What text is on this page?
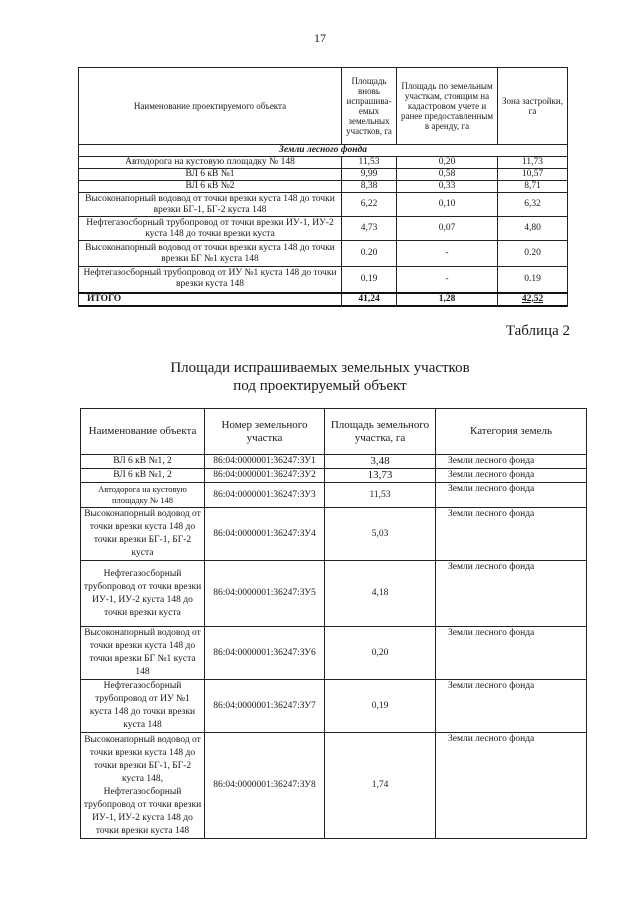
17
Наименование проектируемого объекта	Площадь вновь испрашива-емых земельных участков, га	Площадь по земельным участкам, стоящим на кадастровом учете и ранее предоставленным в аренду, га	Зона застройки, га
Земли лесного фонда			
Автодорога на кустовую площадку № 148	11,53	0,20	11,73
ВЛ 6 кВ №1	9,99	0,58	10,57
ВЛ 6 кВ №2	8,38	0,33	8,71
Высоконапорный водовод от точки врезки куста 148 до точки врезки БГ-1, БГ-2 куста 148	6,22	0,10	6,32
Нефтегазосборный трубопровод от точки врезки ИУ-1, ИУ-2 куста 148 до точки врезки куста	4,73	0,07	4,80
Высоконапорный водовод от точки врезки куста 148 до точки врезки БГ №1 куста 148	0.20	-	0.20
Нефтегазосборный трубопровод от ИУ №1 куста 148 до точки врезки куста 148	0.19	-	0.19
ИТОГО	41,24	1,28	42,52
Таблица 2
Площади испрашиваемых земельных участков
под проектируемый объект
Наименование объекта	Номер земельного участка	Площадь земельного участка, га	Категория земель
ВЛ 6 кВ №1, 2	86:04:0000001:36247:ЗУ1	3,48	Земли лесного фонда
ВЛ 6 кВ №1, 2	86:04:0000001:36247:ЗУ2	13,73	Земли лесного фонда
Автодорога на кустовую площадку № 148	86:04:0000001:36247:ЗУ3	11,53	Земли лесного фонда
Высоконапорный водовод от точки врезки куста 148 до точки врезки БГ-1, БГ-2 куста	86:04:0000001:36247:ЗУ4	5,03	Земли лесного фонда
Нефтегазосборный трубопровод от точки врезки ИУ-1, ИУ-2 куста 148 до точки врезки куста	86:04:0000001:36247:ЗУ5	4,18	Земли лесного фонда
Высоконапорный водовод от точки врезки куста 148 до точки врезки БГ №1 куста 148	86:04:0000001:36247:ЗУ6	0,20	Земли лесного фонда
Нефтегазосборный трубопровод от ИУ №1 куста 148 до точки врезки куста 148	86:04:0000001:36247:ЗУ7	0,19	Земли лесного фонда
Высоконапорный водовод от точки врезки куста 148 до точки врезки БГ-1, БГ-2 куста 148, Нефтегазосборный трубопровод от точки врезки ИУ-1, ИУ-2 куста 148 до точки врезки куста 148	86:04:0000001:36247:ЗУ8	1,74	Земли лесного фонда
